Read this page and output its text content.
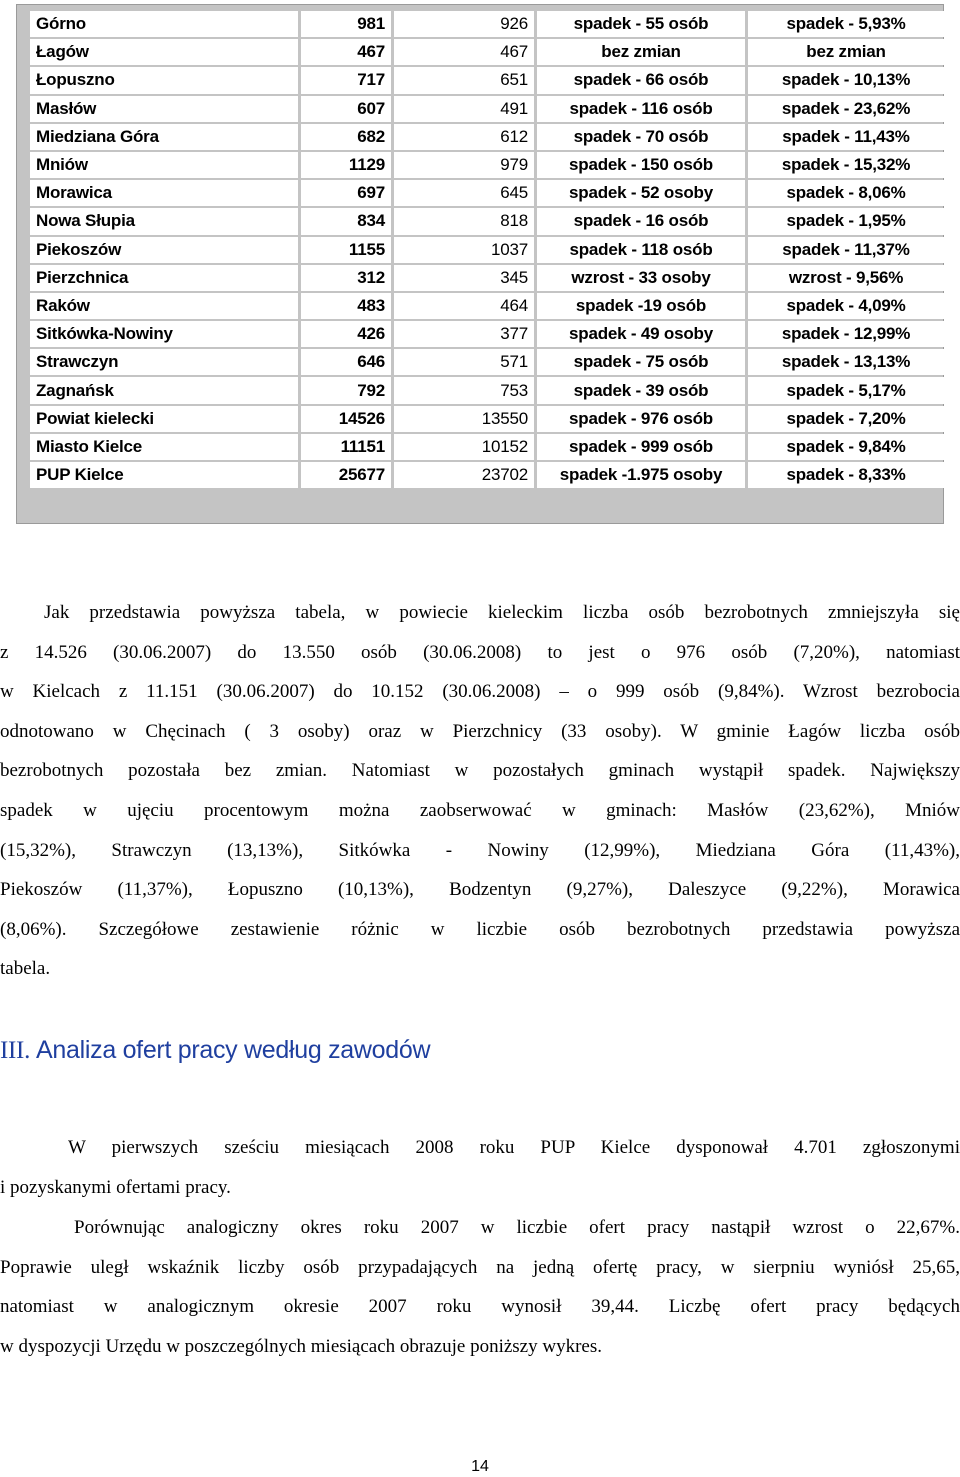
Górno	981	926	spadek - 55 osób	spadek - 5,93%
Łagów	467	467	bez zmian	bez zmian
Łopuszno	717	651	spadek - 66 osób	spadek - 10,13%
Masłów	607	491	spadek - 116 osób	spadek - 23,62%
Miedziana Góra	682	612	spadek - 70 osób	spadek - 11,43%
Mniów	1129	979	spadek - 150 osób	spadek - 15,32%
Morawica	697	645	spadek - 52 osoby	spadek - 8,06%
Nowa Słupia	834	818	spadek - 16 osób	spadek - 1,95%
Piekoszów	1155	1037	spadek - 118 osób	spadek - 11,37%
Pierzchnica	312	345	wzrost - 33 osoby	wzrost - 9,56%
Raków	483	464	spadek -19 osób	spadek - 4,09%
Sitkówka-Nowiny	426	377	spadek - 49 osoby	spadek - 12,99%
Strawczyn	646	571	spadek - 75 osób	spadek - 13,13%
Zagnańsk	792	753	spadek - 39 osób	spadek - 5,17%
Powiat kielecki	14526	13550	spadek - 976 osób	spadek - 7,20%
Miasto Kielce	11151	10152	spadek - 999 osób	spadek - 9,84%
PUP Kielce	25677	23702	spadek -1.975 osoby	spadek - 8,33%
Jak przedstawia powyższa tabela, w powiecie kieleckim liczba osób bezrobotnych zmniejszyła się
z 14.526 (30.06.2007) do 13.550 osób (30.06.2008) to jest o 976 osób (7,20%), natomiast
w Kielcach z 11.151 (30.06.2007) do 10.152 (30.06.2008) – o 999 osób (9,84%). Wzrost bezrobocia
odnotowano w Chęcinach ( 3 osoby) oraz w Pierzchnicy (33 osoby). W gminie Łagów liczba osób
bezrobotnych pozostała bez zmian. Natomiast w pozostałych gminach wystąpił spadek. Największy
spadek w ujęciu procentowym można zaobserwować w gminach: Masłów (23,62%), Mniów
(15,32%), Strawczyn (13,13%), Sitkówka - Nowiny (12,99%), Miedziana Góra (11,43%),
Piekoszów (11,37%), Łopuszno (10,13%), Bodzentyn (9,27%), Daleszyce (9,22%), Morawica
(8,06%). Szczegółowe zestawienie różnic w liczbie osób bezrobotnych przedstawia powyższa
tabela.
III. Analiza ofert pracy według zawodów
W pierwszych sześciu miesiącach 2008 roku PUP Kielce dysponował 4.701 zgłoszonymi
i pozyskanymi ofertami pracy.
Porównując analogiczny okres roku 2007 w liczbie ofert pracy nastąpił wzrost o 22,67%.
Poprawie uległ wskaźnik liczby osób przypadających na jedną ofertę pracy, w sierpniu wyniósł 25,65,
natomiast w analogicznym okresie 2007 roku wynosił 39,44. Liczbę ofert pracy będących
w dyspozycji Urzędu w poszczególnych miesiącach obrazuje poniższy wykres.
14
